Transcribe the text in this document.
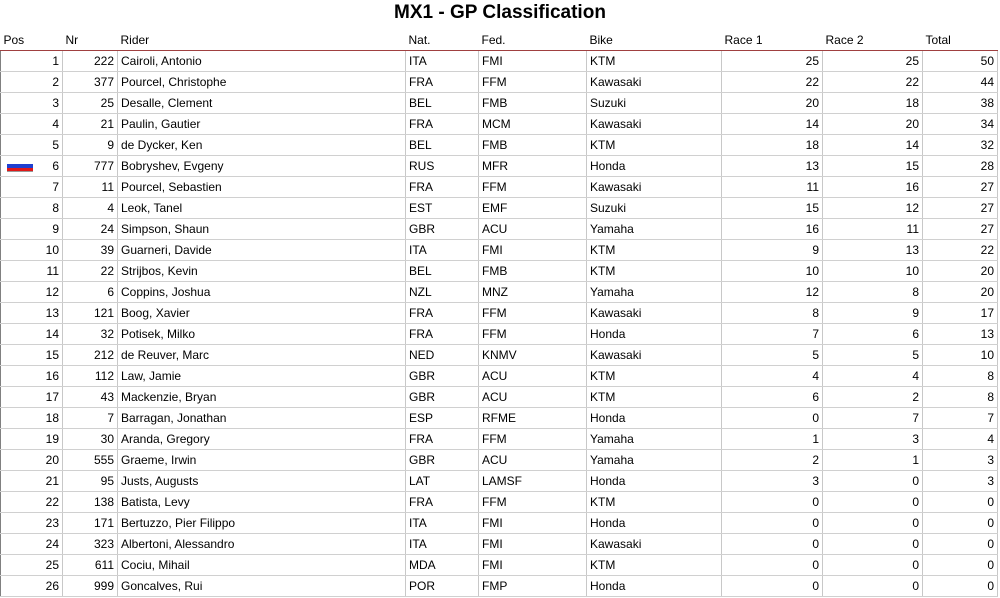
MX1 - GP Classification
Pos	Nr	Rider	Nat.	Fed.	Bike	Race 1	Race 2	Total
1	222	Cairoli, Antonio	ITA	FMI	KTM	25	25	50
2	377	Pourcel, Christophe	FRA	FFM	Kawasaki	22	22	44
3	25	Desalle, Clement	BEL	FMB	Suzuki	20	18	38
4	21	Paulin, Gautier	FRA	MCM	Kawasaki	14	20	34
5	9	de Dycker, Ken	BEL	FMB	KTM	18	14	32

6	777	Bobryshev, Evgeny	RUS	MFR	Honda	13	15	28
7	11	Pourcel, Sebastien	FRA	FFM	Kawasaki	11	16	27
8	4	Leok, Tanel	EST	EMF	Suzuki	15	12	27
9	24	Simpson, Shaun	GBR	ACU	Yamaha	16	11	27
10	39	Guarneri, Davide	ITA	FMI	KTM	9	13	22
11	22	Strijbos, Kevin	BEL	FMB	KTM	10	10	20
12	6	Coppins, Joshua	NZL	MNZ	Yamaha	12	8	20
13	121	Boog, Xavier	FRA	FFM	Kawasaki	8	9	17
14	32	Potisek, Milko	FRA	FFM	Honda	7	6	13
15	212	de Reuver, Marc	NED	KNMV	Kawasaki	5	5	10
16	112	Law, Jamie	GBR	ACU	KTM	4	4	8
17	43	Mackenzie, Bryan	GBR	ACU	KTM	6	2	8
18	7	Barragan, Jonathan	ESP	RFME	Honda	0	7	7
19	30	Aranda, Gregory	FRA	FFM	Yamaha	1	3	4
20	555	Graeme, Irwin	GBR	ACU	Yamaha	2	1	3
21	95	Justs, Augusts	LAT	LAMSF	Honda	3	0	3
22	138	Batista, Levy	FRA	FFM	KTM	0	0	0
23	171	Bertuzzo, Pier Filippo	ITA	FMI	Honda	0	0	0
24	323	Albertoni, Alessandro	ITA	FMI	Kawasaki	0	0	0
25	611	Cociu, Mihail	MDA	FMI	KTM	0	0	0
26	999	Goncalves, Rui	POR	FMP	Honda	0	0	0
